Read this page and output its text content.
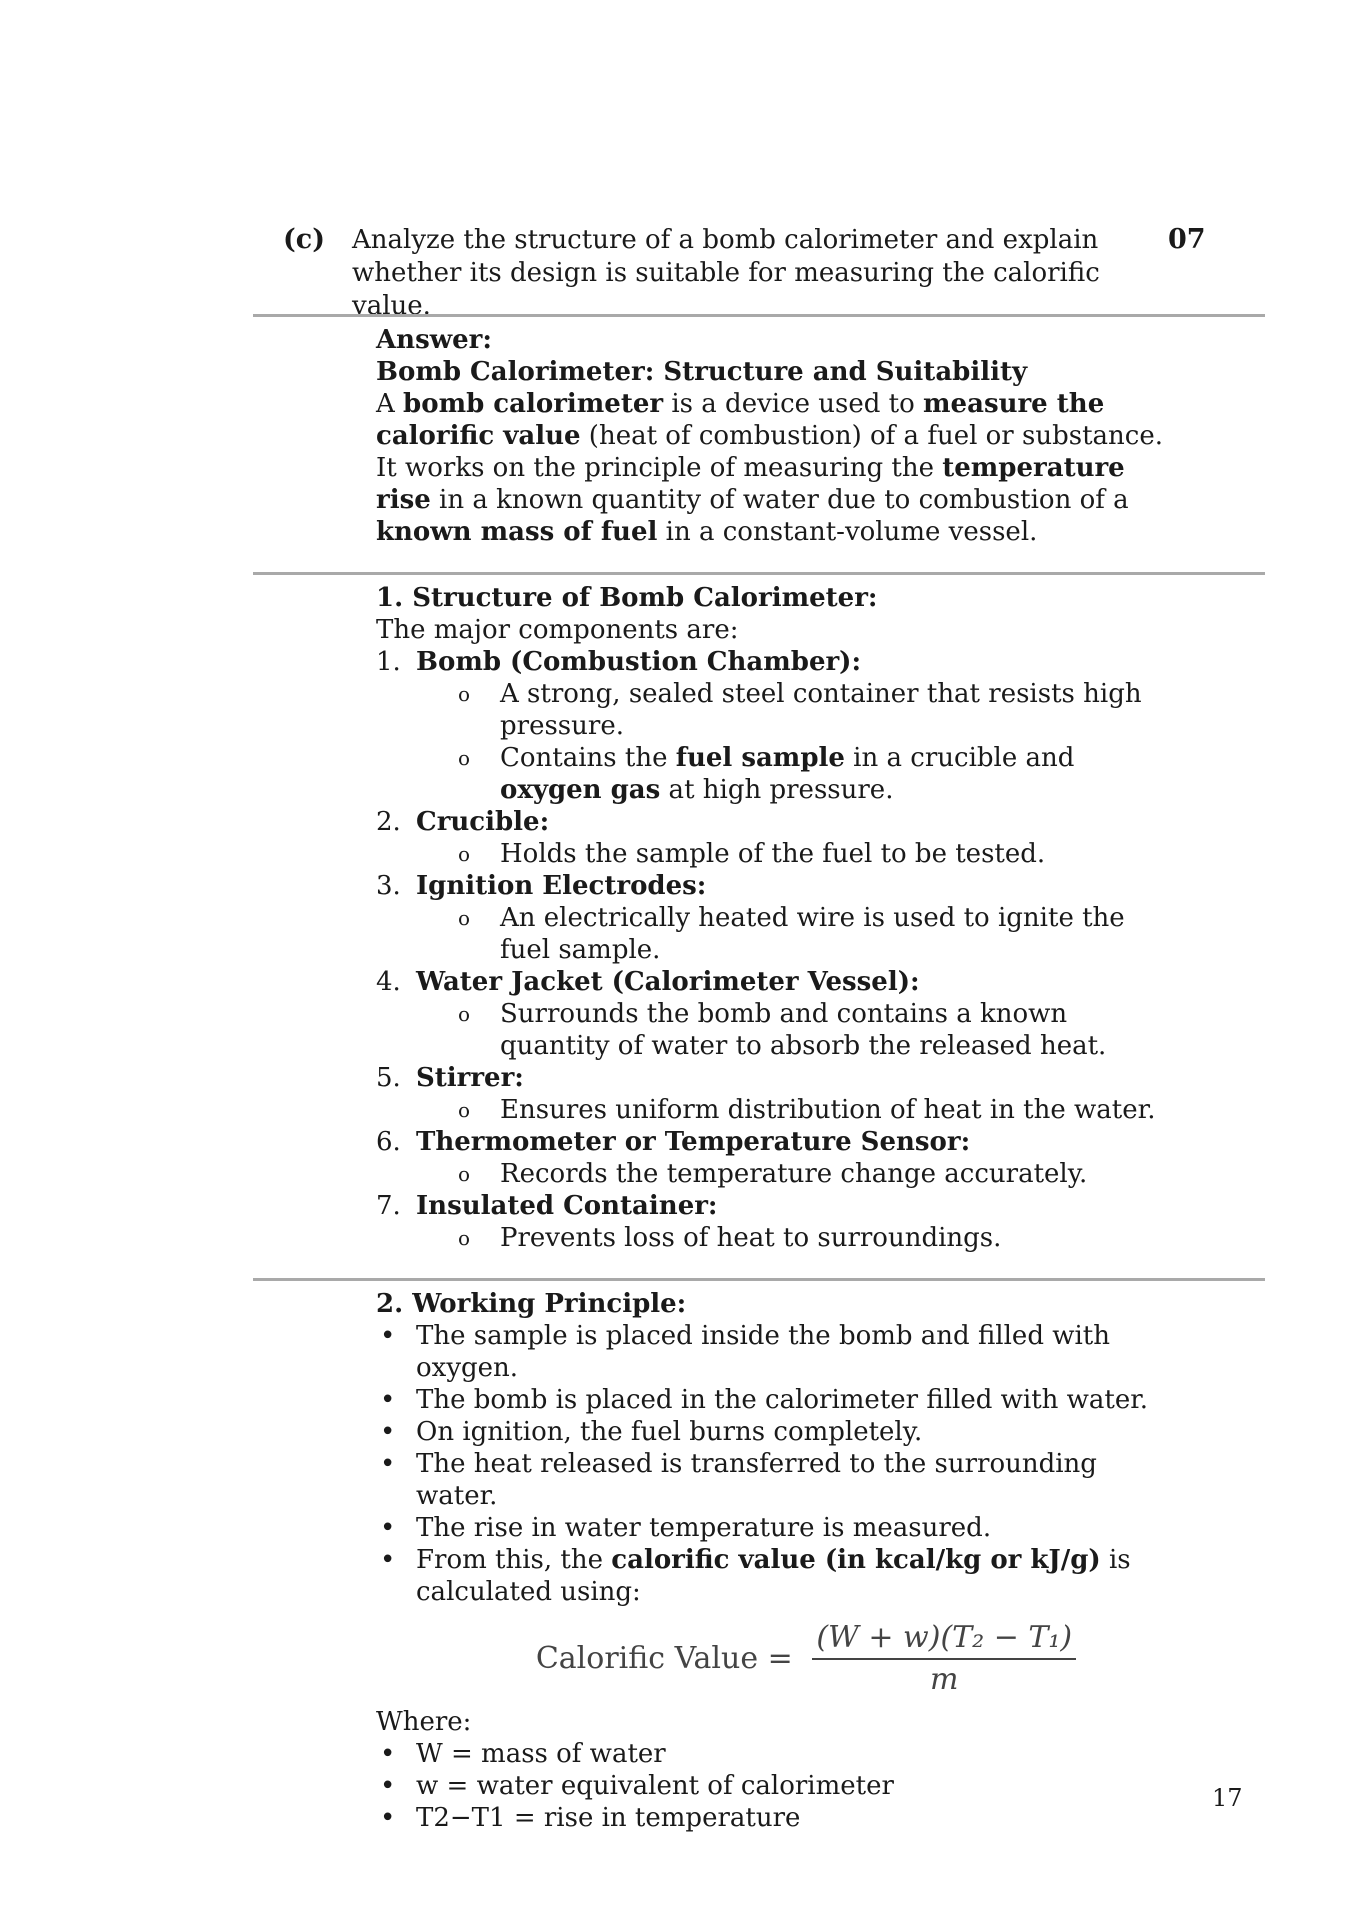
(c) Analyze the structure of a bomb calorimeter and explain whether its design is suitable for measuring the calorific value.
07

Answer:

Bomb Calorimeter: Structure and Suitability

A bomb calorimeter is a device used to measure the calorific value (heat of combustion) of a fuel or substance. It works on the principle of measuring the temperature rise in a known quantity of water due to combustion of a known mass of fuel in a constant-volume vessel.

1. Structure of Bomb Calorimeter:

The major components are:

1. Bomb (Combustion Chamber):
o A strong, sealed steel container that resists high pressure.
o Contains the fuel sample in a crucible and oxygen gas at high pressure.
2. Crucible:
o Holds the sample of the fuel to be tested.
3. Ignition Electrodes:
o An electrically heated wire is used to ignite the fuel sample.
4. Water Jacket (Calorimeter Vessel):
o Surrounds the bomb and contains a known quantity of water to absorb the released heat.
5. Stirrer:
o Ensures uniform distribution of heat in the water.
6. Thermometer or Temperature Sensor:
o Records the temperature change accurately.
7. Insulated Container:
o Prevents loss of heat to surroundings.

2. Working Principle:

• The sample is placed inside the bomb and filled with oxygen.
• The bomb is placed in the calorimeter filled with water.
• On ignition, the fuel burns completely.
• The heat released is transferred to the surrounding water.
• The rise in water temperature is measured.
• From this, the calorific value (in kcal/kg or kJ/g) is calculated using:
Calorific Value = $\frac{\text{(W + w)(T₂ − T₁)}}{m}$

Where:

• W = mass of water
• w = water equivalent of calorimeter
• T2−T1 = rise in temperature
17
